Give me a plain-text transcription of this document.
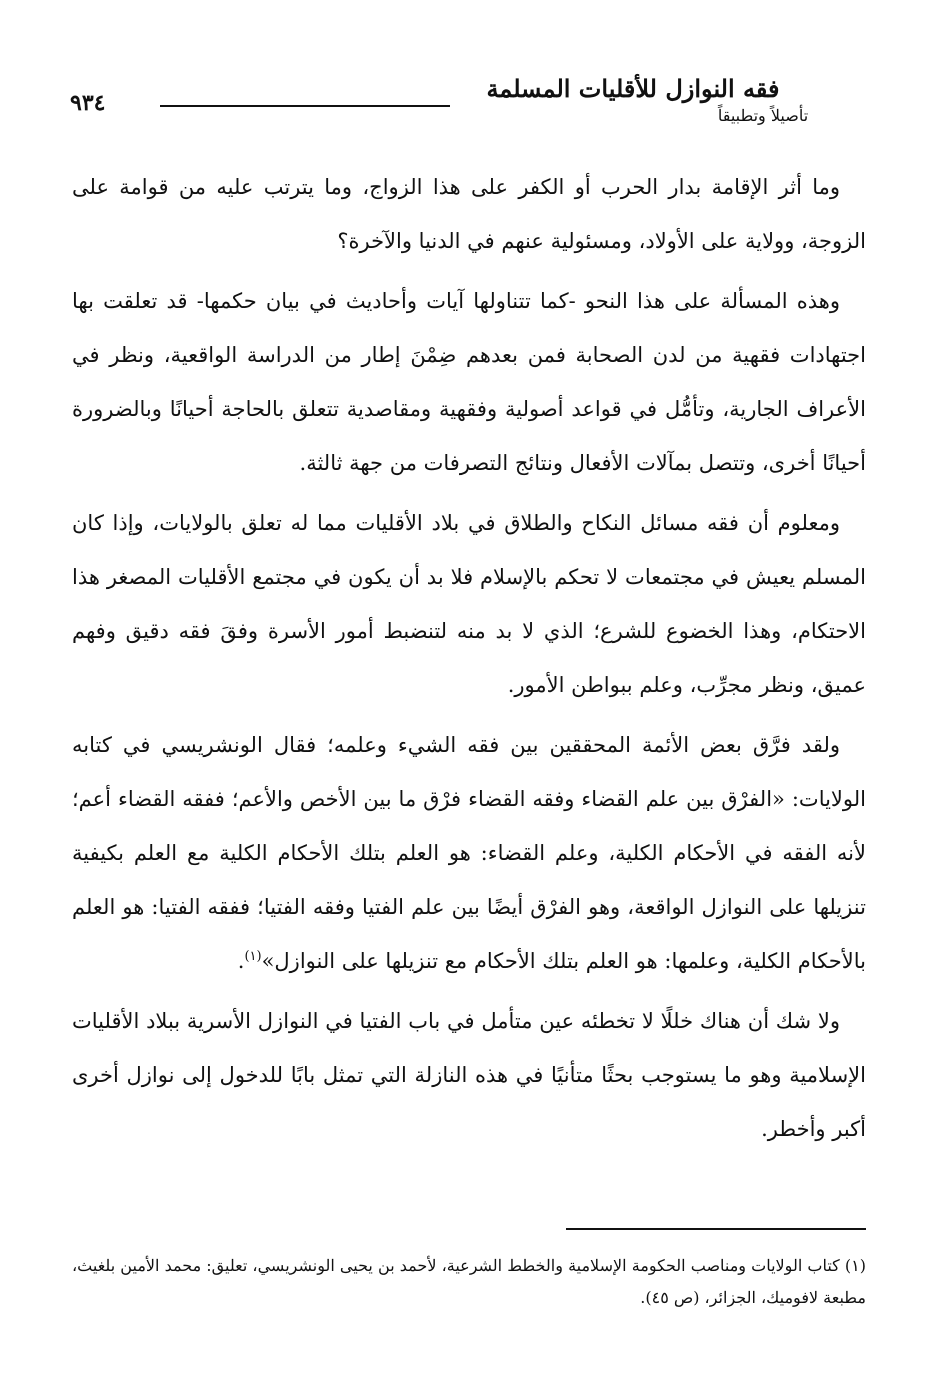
فقه النوازل للأقليات المسلمة
تأصيلاً وتطبيقاً
٩٣٤

وما أثر الإقامة بدار الحرب أو الكفر على هذا الزواج، وما يترتب عليه من قوامة على الزوجة، وولاية على الأولاد، ومسئولية عنهم في الدنيا والآخرة؟

وهذه المسألة على هذا النحو -كما تتناولها آيات وأحاديث في بيان حكمها- قد تعلقت بها اجتهادات فقهية من لدن الصحابة فمن بعدهم ضِمْنَ إطار من الدراسة الواقعية، ونظر في الأعراف الجارية، وتأمُّل في قواعد أصولية وفقهية ومقاصدية تتعلق بالحاجة أحيانًا وبالضرورة أحيانًا أخرى، وتتصل بمآلات الأفعال ونتائج التصرفات من جهة ثالثة.

ومعلوم أن فقه مسائل النكاح والطلاق في بلاد الأقليات مما له تعلق بالولايات، وإذا كان المسلم يعيش في مجتمعات لا تحكم بالإسلام فلا بد أن يكون في مجتمع الأقليات المصغر هذا الاحتكام، وهذا الخضوع للشرع؛ الذي لا بد منه لتنضبط أمور الأسرة وفقَ فقه دقيق وفهم عميق، ونظر مجرِّب، وعلم ببواطن الأمور.

ولقد فرَّق بعض الأئمة المحققين بين فقه الشيء وعلمه؛ فقال الونشريسي في كتابه الولايات: «الفرْق بين علم القضاء وفقه القضاء فرْق ما بين الأخص والأعم؛ ففقه القضاء أعم؛ لأنه الفقه في الأحكام الكلية، وعلم القضاء: هو العلم بتلك الأحكام الكلية مع العلم بكيفية تنزيلها على النوازل الواقعة، وهو الفرْق أيضًا بين علم الفتيا وفقه الفتيا؛ ففقه الفتيا: هو العلم بالأحكام الكلية، وعلمها: هو العلم بتلك الأحكام مع تنزيلها على النوازل»$^{(١)}$.

ولا شك أن هناك خللًا لا تخطئه عين متأمل في باب الفتيا في النوازل الأسرية ببلاد الأقليات الإسلامية وهو ما يستوجب بحثًا متأنيًا في هذه النازلة التي تمثل بابًا للدخول إلى نوازل أخرى أكبر وأخطر.

(١) كتاب الولايات ومناصب الحكومة الإسلامية والخطط الشرعية، لأحمد بن يحيى الونشريسي، تعليق: محمد الأمين بلغيث، مطبعة لافوميك، الجزائر، (ص ٤٥).
